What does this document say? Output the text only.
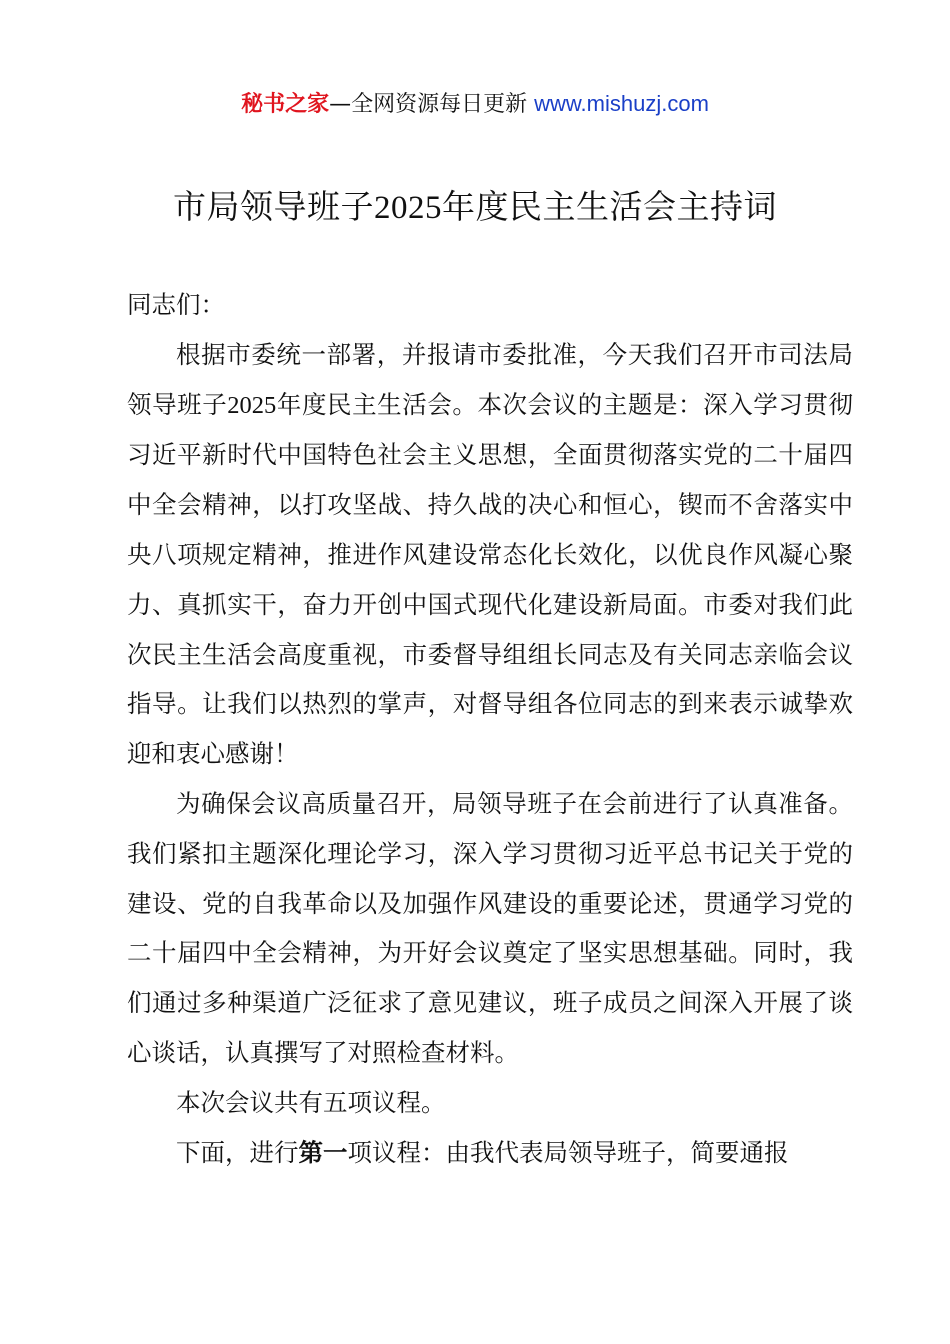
秘书之家—全网资源每日更新 www.mishuzj.com
市局领导班子2025年度民主生活会主持词

同志们：

根据市委统一部署，并报请市委批准，今天我们召开市司法局领导班子2025年度民主生活会。本次会议的主题是：深入学习贯彻习近平新时代中国特色社会主义思想，全面贯彻落实党的二十届四中全会精神，以打攻坚战、持久战的决心和恒心，锲而不舍落实中央八项规定精神，推进作风建设常态化长效化，以优良作风凝心聚力、真抓实干，奋力开创中国式现代化建设新局面。市委对我们此次民主生活会高度重视，市委督导组组长同志及有关同志亲临会议指导。让我们以热烈的掌声，对督导组各位同志的到来表示诚挚欢迎和衷心感谢！

为确保会议高质量召开，局领导班子在会前进行了认真准备。我们紧扣主题深化理论学习，深入学习贯彻习近平总书记关于党的建设、党的自我革命以及加强作风建设的重要论述，贯通学习党的二十届四中全会精神，为开好会议奠定了坚实思想基础。同时，我们通过多种渠道广泛征求了意见建议，班子成员之间深入开展了谈心谈话，认真撰写了对照检查材料。

本次会议共有五项议程。

下面，进行第一项议程：由我代表局领导班子，简要通报
